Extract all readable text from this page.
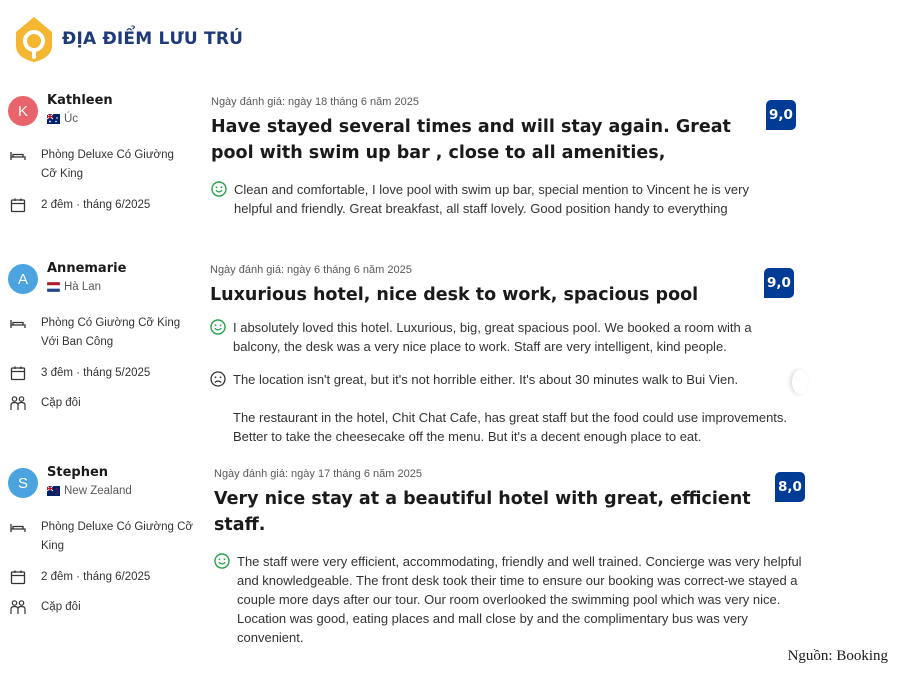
ĐỊA ĐIỂM LƯU TRÚ
K
Kathleen
Úc
Phòng Deluxe Có Giường Cỡ King
2 đêm · tháng 6/2025
Ngày đánh giá: ngày 18 tháng 6 năm 2025
Have stayed several times and will stay again. Great pool with swim up bar , close to all amenities,
Clean and comfortable, I love pool with swim up bar, special mention to Vincent he is very helpful and friendly. Great breakfast, all staff lovely. Good position handy to everything
9,0
A
Annemarie
Hà Lan
Phòng Có Giường Cỡ King Với Ban Công
3 đêm · tháng 5/2025
Cặp đôi
Ngày đánh giá: ngày 6 tháng 6 năm 2025
Luxurious hotel, nice desk to work, spacious pool
I absolutely loved this hotel. Luxurious, big, great spacious pool. We booked a room with a balcony, the desk was a very nice place to work. Staff are very intelligent, kind people.
The location isn't great, but it's not horrible either. It's about 30 minutes walk to Bui Vien.
The restaurant in the hotel, Chit Chat Cafe, has great staff but the food could use improvements. Better to take the cheesecake off the menu. But it's a decent enough place to eat.
9,0
S
Stephen
New Zealand
Phòng Deluxe Có Giường Cỡ King
2 đêm · tháng 6/2025
Cặp đôi
Ngày đánh giá: ngày 17 tháng 6 năm 2025
Very nice stay at a beautiful hotel with great, efficient staff.
The staff were very efficient, accommodating, friendly and well trained. Concierge was very helpful and knowledgeable. The front desk took their time to ensure our booking was correct-we stayed a couple more days after our tour. Our room overlooked the swimming pool which was very nice. Location was good, eating places and mall close by and the complimentary bus was very convenient.
8,0
Nguồn: Booking
